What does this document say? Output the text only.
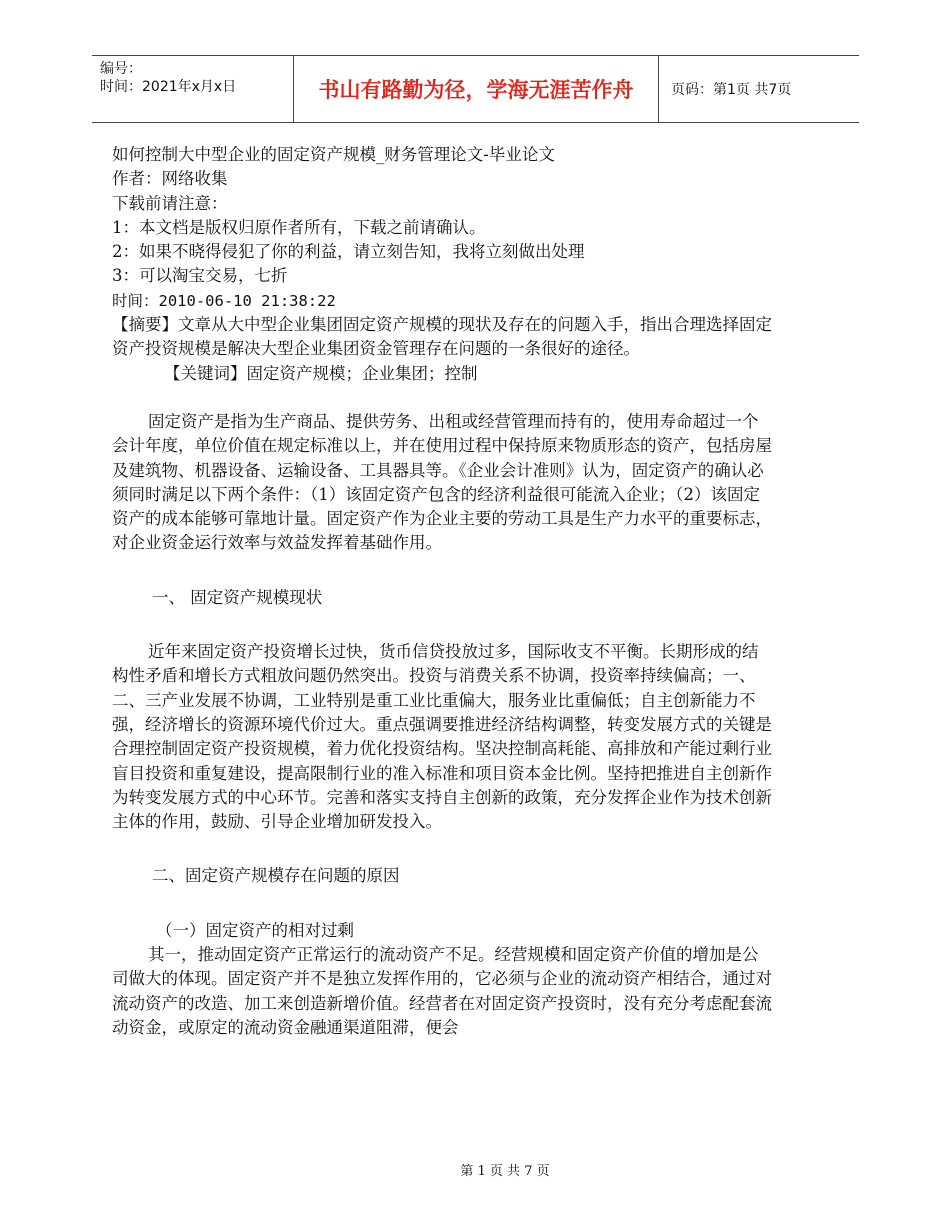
编号：
时间：2021年x月x日	书山有路勤为径，学海无涯苦作舟	页码：第1页 共7页

如何控制大中型企业的固定资产规模_财务管理论文-毕业论文

作者：网络收集

下载前请注意：

1：本文档是版权归原作者所有，下载之前请确认。

2：如果不晓得侵犯了你的利益，请立刻告知，我将立刻做出处理

3：可以淘宝交易，七折

时间：2010-06-10 21:38:22

【摘要】文章从大中型企业集团固定资产规模的现状及存在的问题入手，指出合理选择固定资产投资规模是解决大型企业集团资金管理存在问题的一条很好的途径。

【关键词】固定资产规模；企业集团；控制

固定资产是指为生产商品、提供劳务、出租或经营管理而持有的，使用寿命超过一个会计年度，单位价值在规定标准以上，并在使用过程中保持原来物质形态的资产，包括房屋及建筑物、机器设备、运输设备、工具器具等。《企业会计准则》认为，固定资产的确认必须同时满足以下两个条件：（1）该固定资产包含的经济利益很可能流入企业；（2）该固定资产的成本能够可靠地计量。固定资产作为企业主要的劳动工具是生产力水平的重要标志，对企业资金运行效率与效益发挥着基础作用。

一、 固定资产规模现状

近年来固定资产投资增长过快，货币信贷投放过多，国际收支不平衡。长期形成的结构性矛盾和增长方式粗放问题仍然突出。投资与消费关系不协调，投资率持续偏高；一、二、三产业发展不协调，工业特别是重工业比重偏大，服务业比重偏低；自主创新能力不强，经济增长的资源环境代价过大。重点强调要推进经济结构调整，转变发展方式的关键是合理控制固定资产投资规模，着力优化投资结构。坚决控制高耗能、高排放和产能过剩行业盲目投资和重复建设，提高限制行业的准入标准和项目资本金比例。坚持把推进自主创新作为转变发展方式的中心环节。完善和落实支持自主创新的政策，充分发挥企业作为技术创新主体的作用，鼓励、引导企业增加研发投入。

二、固定资产规模存在问题的原因

（一）固定资产的相对过剩

其一，推动固定资产正常运行的流动资产不足。经营规模和固定资产价值的增加是公司做大的体现。固定资产并不是独立发挥作用的，它必须与企业的流动资产相结合，通过对流动资产的改造、加工来创造新增价值。经营者在对固定资产投资时，没有充分考虑配套流动资金，或原定的流动资金融通渠道阻滞，便会

第 1 页 共 7 页
